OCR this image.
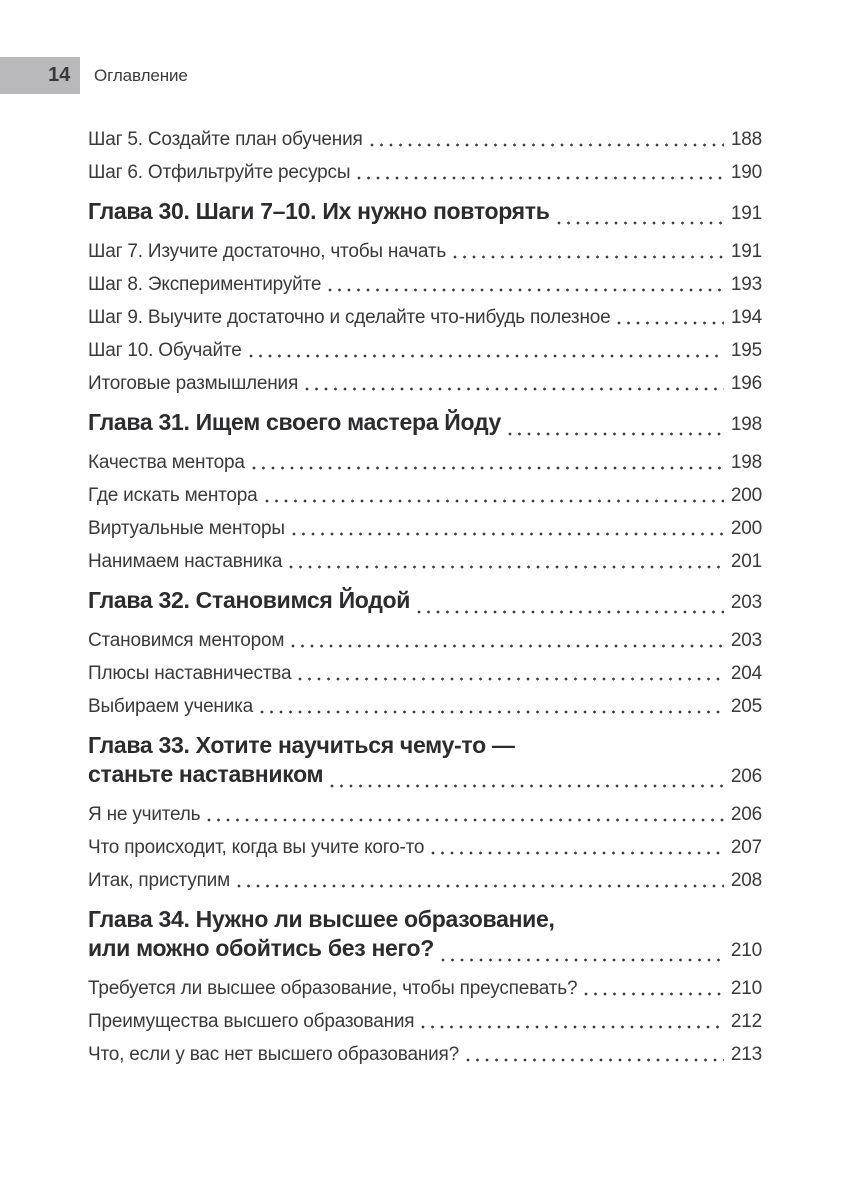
14 Оглавление
Шаг 5. Создайте план обучения	188
Шаг 6. Отфильтруйте ресурсы	190
Глава 30. Шаги 7–10. Их нужно повторять	191
Шаг 7. Изучите достаточно, чтобы начать	191
Шаг 8. Экспериментируйте	193
Шаг 9. Выучите достаточно и сделайте что-нибудь полезное	194
Шаг 10. Обучайте	195
Итоговые размышления	196
Глава 31. Ищем своего мастера Йоду	198
Качества ментора	198
Где искать ментора	200
Виртуальные менторы	200
Нанимаем наставника	201
Глава 32. Становимся Йодой	203
Становимся ментором	203
Плюсы наставничества	204
Выбираем ученика	205
Глава 33. Хотите научиться чему-то —
станьте наставником	206
Я не учитель	206
Что происходит, когда вы учите кого-то	207
Итак, приступим	208
Глава 34. Нужно ли высшее образование,
или можно обойтись без него?	210
Требуется ли высшее образование, чтобы преуспевать?	210
Преимущества высшего образования	212
Что, если у вас нет высшего образования?	213
